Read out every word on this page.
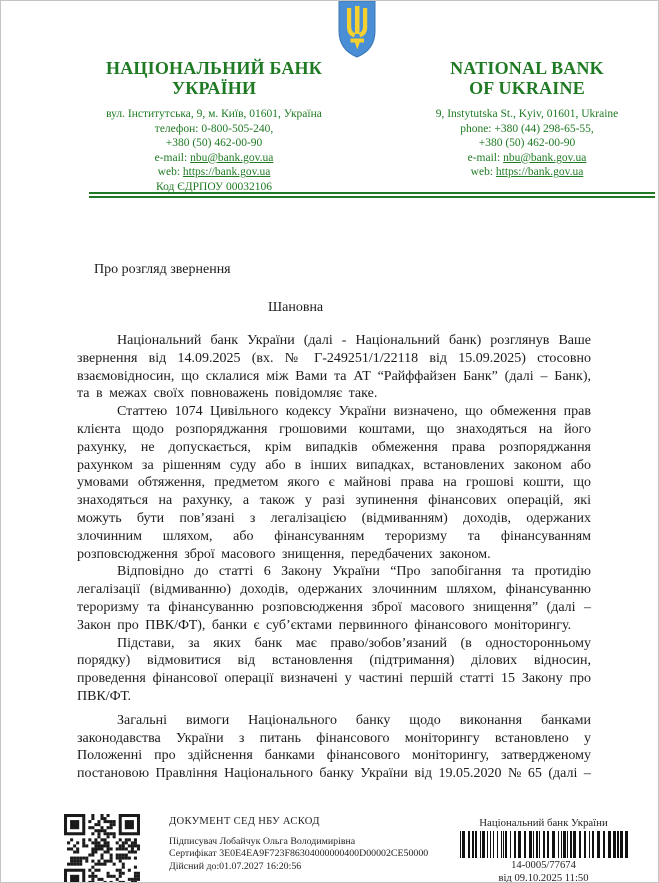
НАЦІОНАЛЬНИЙ БАНК
УКРАЇНИ
вул. Інститутська, 9, м. Київ, 01601, Україна
телефон: 0-800-505-240,
+380 (50) 462-00-90
e-mail: nbu@bank.gov.ua
web: https://bank.gov.ua
Код ЄДРПОУ 00032106
NATIONAL BANK
OF UKRAINE
9, Instytutska St., Kyiv, 01601, Ukraine
phone: +380 (44) 298-65-55,
+380 (50) 462-00-90
e-mail: nbu@bank.gov.ua
web: https://bank.gov.ua
Про розгляд звернення
Шановна

Національний банк України (далі - Національний банк) розглянув Ваше звернення від 14.09.2025 (вх. № Г-249251/1/22118 від 15.09.2025) стосовно взаємовідносин, що склалися між Вами та АТ “Райффайзен Банк” (далі – Банк), та в межах своїх повноважень повідомляє таке.

Статтею 1074 Цивільного кодексу України визначено, що обмеження прав клієнта щодо розпоряджання грошовими коштами, що знаходяться на його рахунку, не допускається, крім випадків обмеження права розпоряджання рахунком за рішенням суду або в інших випадках, встановлених законом або умовами обтяження, предметом якого є майнові права на грошові кошти, що знаходяться на рахунку, а також у разі зупинення фінансових операцій, які можуть бути пов’язані з легалізацією (відмиванням) доходів, одержаних злочинним шляхом, або фінансуванням тероризму та фінансуванням розповсюдження зброї масового знищення, передбачених законом.

Відповідно до статті 6 Закону України “Про запобігання та протидію легалізації (відмиванню) доходів, одержаних злочинним шляхом, фінансуванню тероризму та фінансуванню розповсюдження зброї масового знищення” (далі – Закон про ПВК/ФТ), банки є суб’єктами первинного фінансового моніторингу.

Підстави, за яких банк має право/зобов’язаний (в односторонньому порядку) відмовитися від встановлення (підтримання) ділових відносин, проведення фінансової операції визначені у частині першій статті 15 Закону про ПВК/ФТ.

Загальні вимоги Національного банку щодо виконання банками законодавства України з питань фінансового моніторингу встановлено у Положенні про здійснення банками фінансового моніторингу, затвердженому постановою Правління Національного банку України від 19.05.2020 № 65 (далі –

ДОКУМЕНТ СЕД НБУ АСКОД
Підписувач Лобайчук Ольга Володимирівна
Сертифікат 3E0E4EA9F723F86304000000400D00002CE50000
Дійсний до:01.07.2027 16:20:56
Національний банк України
14-0005/77674
від 09.10.2025 11:50
